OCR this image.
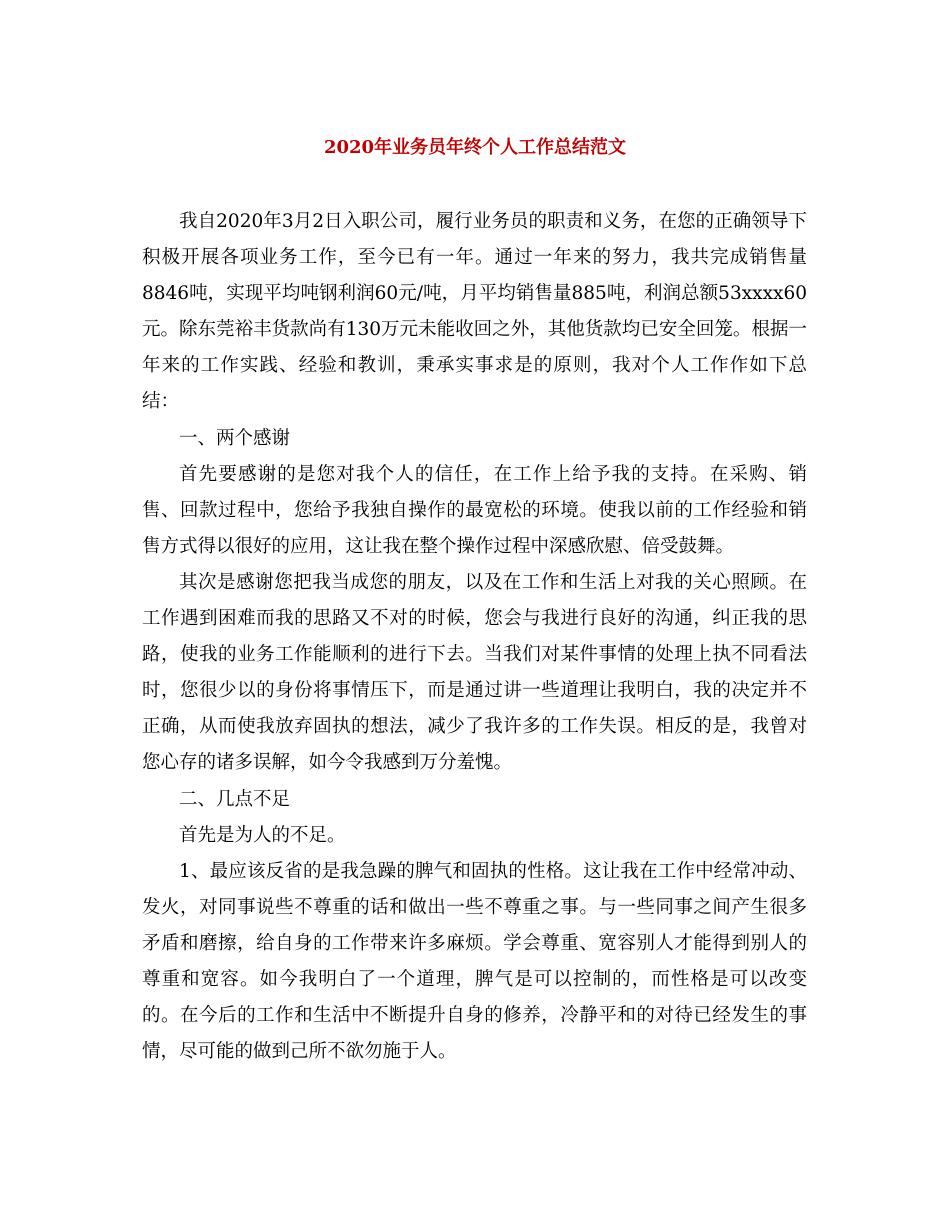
2020年业务员年终个人工作总结范文

我自2020年3月2日入职公司，履行业务员的职责和义务，在您的正确领导下积极开展各项业务工作，至今已有一年。通过一年来的努力，我共完成销售量8846吨，实现平均吨钢利润60元/吨，月平均销售量885吨，利润总额53xxxx60元。除东莞裕丰货款尚有130万元未能收回之外，其他货款均已安全回笼。根据一年来的工作实践、经验和教训，秉承实事求是的原则，我对个人工作作如下总结：

一、两个感谢

首先要感谢的是您对我个人的信任，在工作上给予我的支持。在采购、销售、回款过程中，您给予我独自操作的最宽松的环境。使我以前的工作经验和销售方式得以很好的应用，这让我在整个操作过程中深感欣慰、倍受鼓舞。

其次是感谢您把我当成您的朋友，以及在工作和生活上对我的关心照顾。在工作遇到困难而我的思路又不对的时候，您会与我进行良好的沟通，纠正我的思路，使我的业务工作能顺利的进行下去。当我们对某件事情的处理上执不同看法时，您很少以的身份将事情压下，而是通过讲一些道理让我明白，我的决定并不正确，从而使我放弃固执的想法，减少了我许多的工作失误。相反的是，我曾对您心存的诸多误解，如今令我感到万分羞愧。

二、几点不足

首先是为人的不足。

1、最应该反省的是我急躁的脾气和固执的性格。这让我在工作中经常冲动、发火，对同事说些不尊重的话和做出一些不尊重之事。与一些同事之间产生很多矛盾和磨擦，给自身的工作带来许多麻烦。学会尊重、宽容别人才能得到别人的尊重和宽容。如今我明白了一个道理，脾气是可以控制的，而性格是可以改变的。在今后的工作和生活中不断提升自身的修养，冷静平和的对待已经发生的事情，尽可能的做到己所不欲勿施于人。
